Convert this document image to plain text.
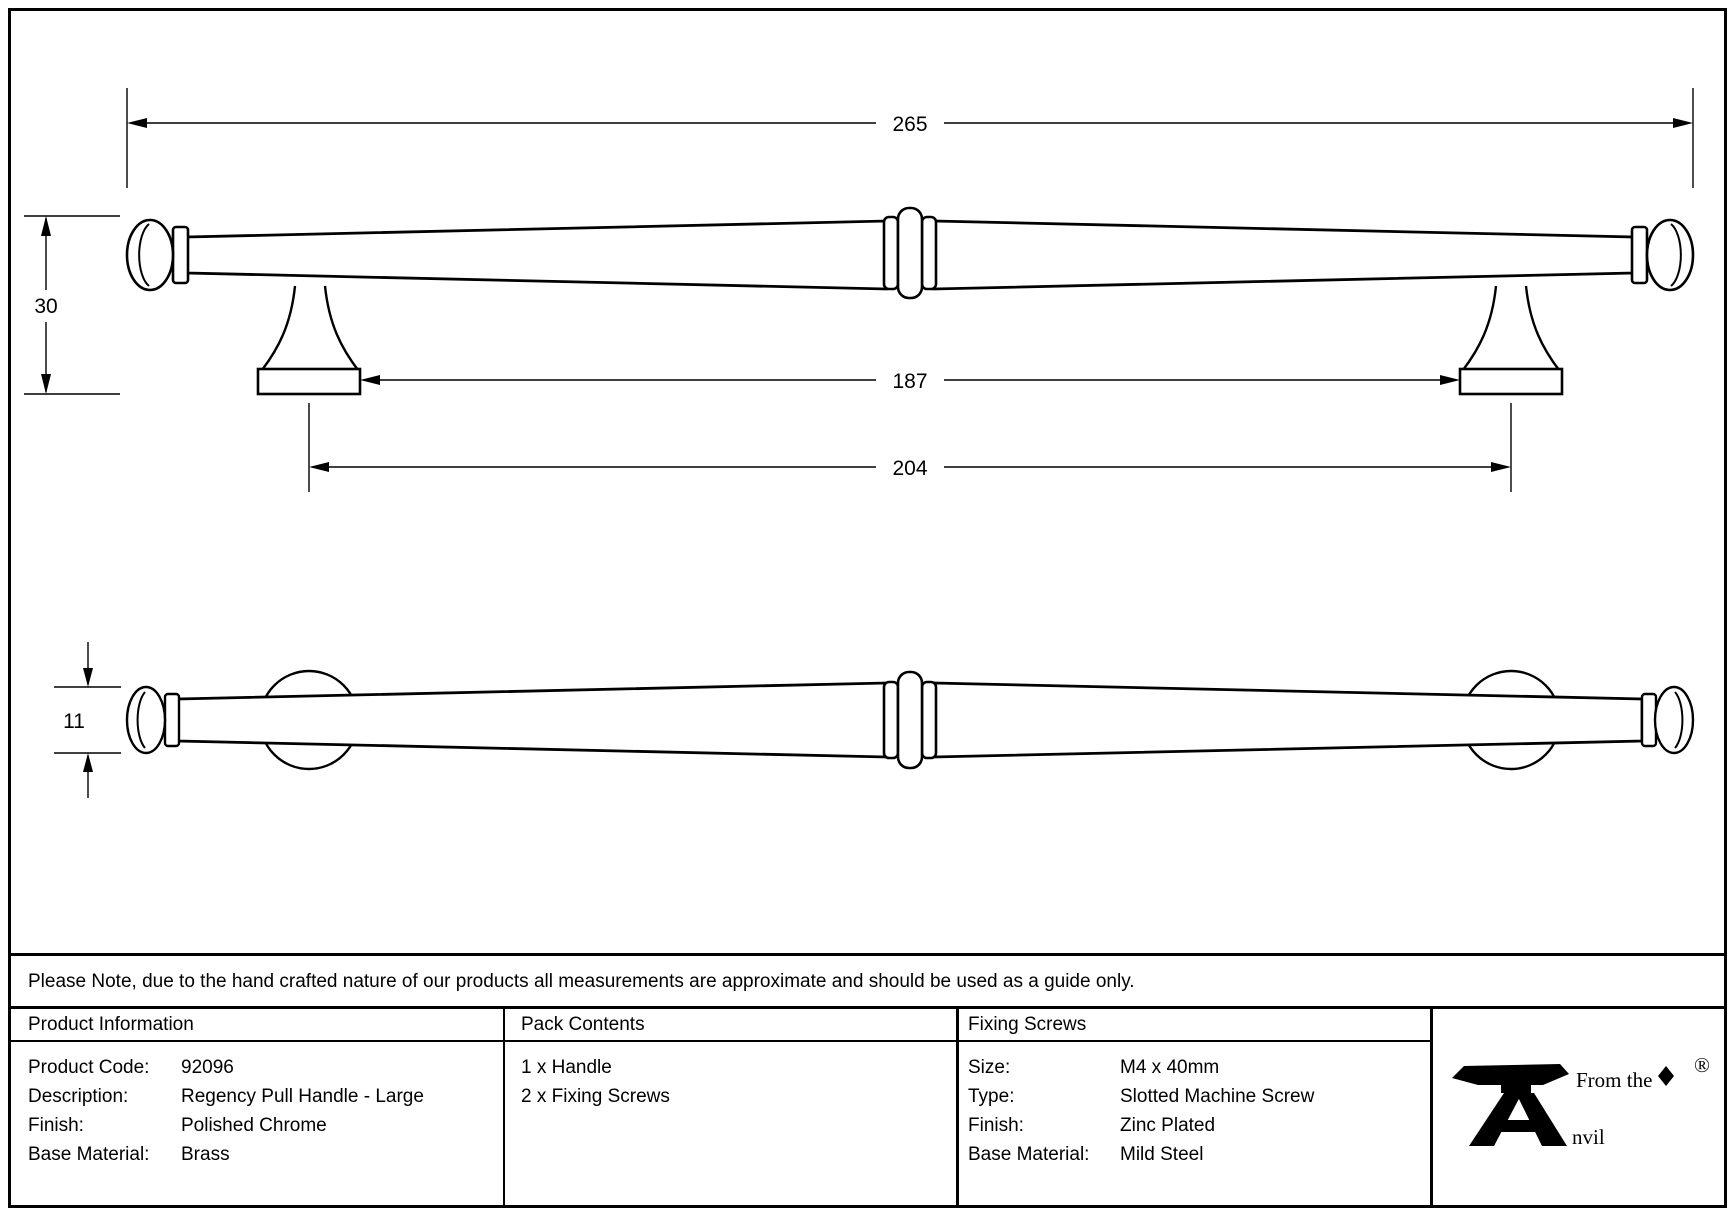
265
30
187
204
11
Please Note, due to the hand crafted nature of our products all measurements are approximate and should be used as a guide only.
Product Information	Pack Contents	Fixing Screws
Product Code: 92096
Description:	Regency Pull Handle - Large
Finish:	Polished Chrome
Base Material: Brass
1 x Handle
2 x Fixing Screws
Size:	M4 x 40mm
Type:	Slotted Machine Screw
Finish:	Zinc Plated
Base Material: Mild Steel
From the
nvil
®
